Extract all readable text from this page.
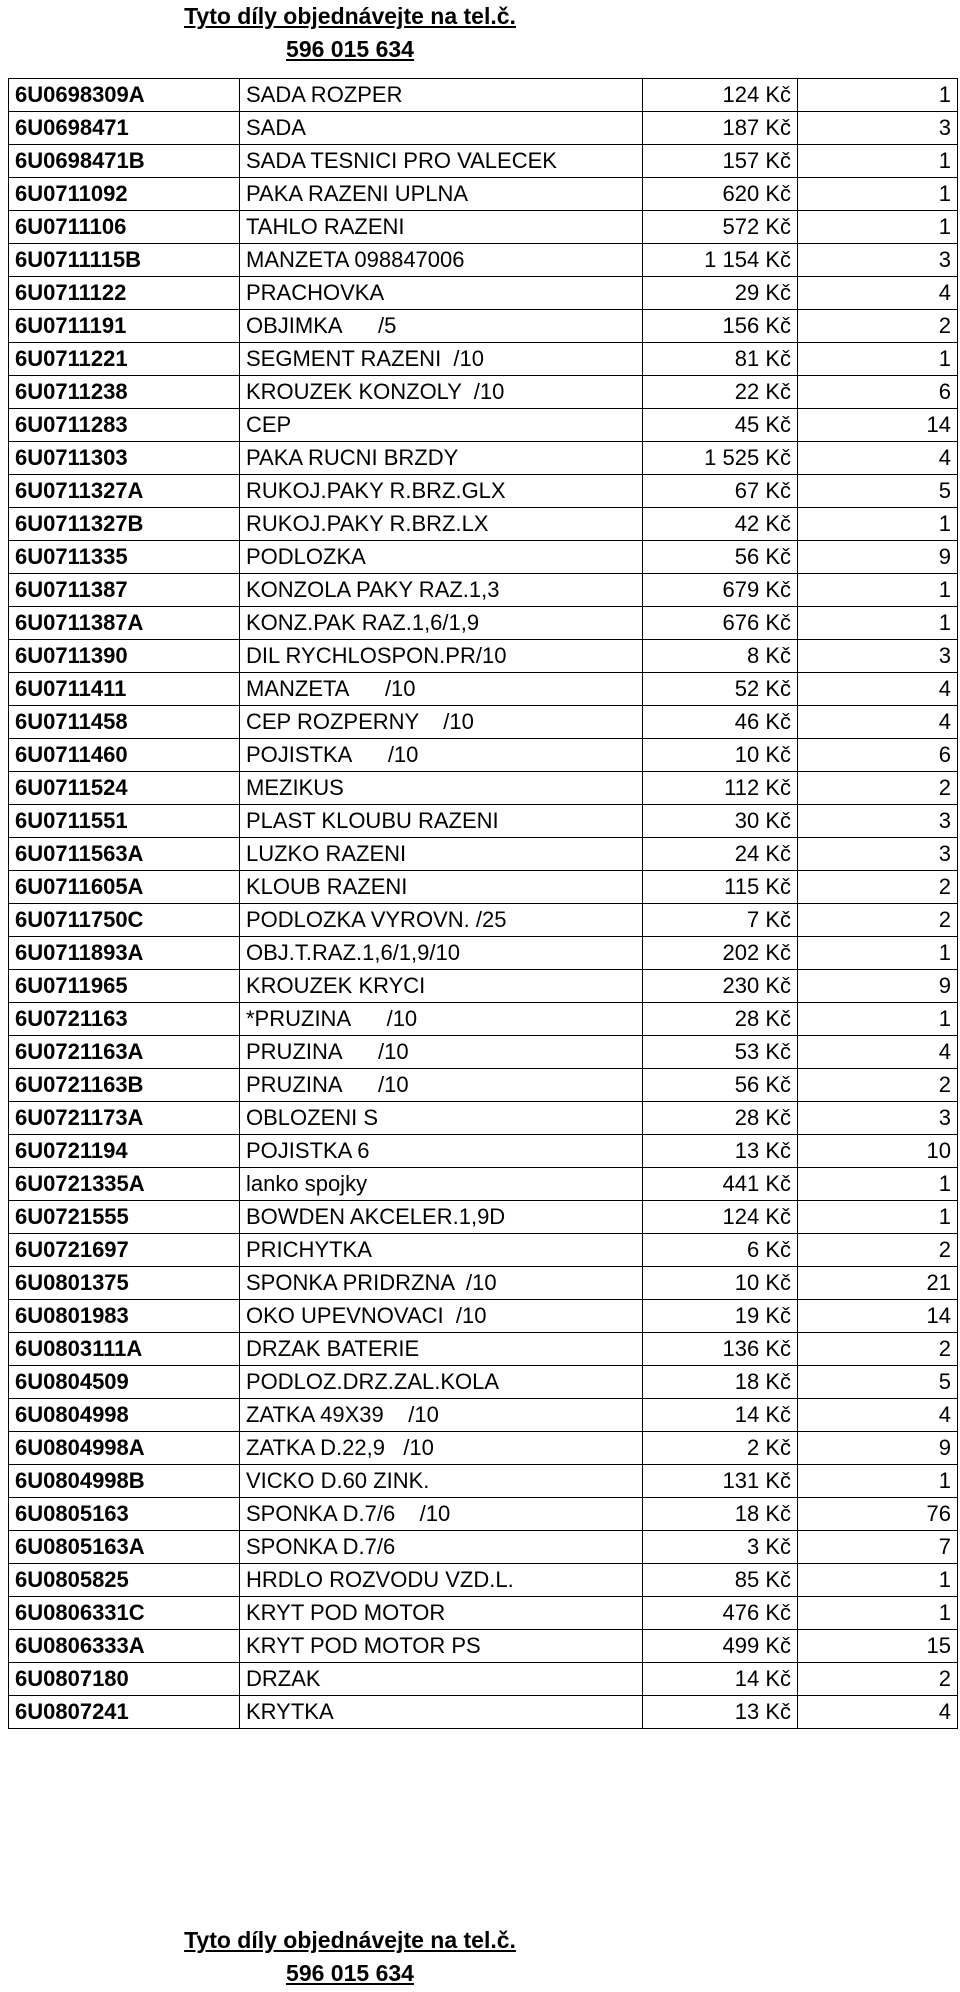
Tyto díly objednávejte na tel.č.
596 015 634
6U0698309A	SADA ROZPER	124 Kč	1
6U0698471	SADA	187 Kč	3
6U0698471B	SADA TESNICI PRO VALECEK	157 Kč	1
6U0711092	PAKA RAZENI UPLNA	620 Kč	1
6U0711106	TAHLO RAZENI	572 Kč	1
6U0711115B	MANZETA 098847006	1 154 Kč	3
6U0711122	PRACHOVKA	29 Kč	4
6U0711191	OBJIMKA      /5	156 Kč	2
6U0711221	SEGMENT RAZENI  /10	81 Kč	1
6U0711238	KROUZEK KONZOLY  /10	22 Kč	6
6U0711283	CEP	45 Kč	14
6U0711303	PAKA RUCNI BRZDY	1 525 Kč	4
6U0711327A	RUKOJ.PAKY R.BRZ.GLX	67 Kč	5
6U0711327B	RUKOJ.PAKY R.BRZ.LX	42 Kč	1
6U0711335	PODLOZKA	56 Kč	9
6U0711387	KONZOLA PAKY RAZ.1,3	679 Kč	1
6U0711387A	KONZ.PAK RAZ.1,6/1,9	676 Kč	1
6U0711390	DIL RYCHLOSPON.PR/10	8 Kč	3
6U0711411	MANZETA      /10	52 Kč	4
6U0711458	CEP ROZPERNY    /10	46 Kč	4
6U0711460	POJISTKA      /10	10 Kč	6
6U0711524	MEZIKUS	112 Kč	2
6U0711551	PLAST KLOUBU RAZENI	30 Kč	3
6U0711563A	LUZKO RAZENI	24 Kč	3
6U0711605A	KLOUB RAZENI	115 Kč	2
6U0711750C	PODLOZKA VYROVN. /25	7 Kč	2
6U0711893A	OBJ.T.RAZ.1,6/1,9/10	202 Kč	1
6U0711965	KROUZEK KRYCI	230 Kč	9
6U0721163	*PRUZINA      /10	28 Kč	1
6U0721163A	PRUZINA      /10	53 Kč	4
6U0721163B	PRUZINA      /10	56 Kč	2
6U0721173A	OBLOZENI S	28 Kč	3
6U0721194	POJISTKA 6	13 Kč	10
6U0721335A	lanko spojky	441 Kč	1
6U0721555	BOWDEN AKCELER.1,9D	124 Kč	1
6U0721697	PRICHYTKA	6 Kč	2
6U0801375	SPONKA PRIDRZNA  /10	10 Kč	21
6U0801983	OKO UPEVNOVACI  /10	19 Kč	14
6U0803111A	DRZAK BATERIE	136 Kč	2
6U0804509	PODLOZ.DRZ.ZAL.KOLA	18 Kč	5
6U0804998	ZATKA 49X39    /10	14 Kč	4
6U0804998A	ZATKA D.22,9   /10	2 Kč	9
6U0804998B	VICKO D.60 ZINK.	131 Kč	1
6U0805163	SPONKA D.7/6    /10	18 Kč	76
6U0805163A	SPONKA D.7/6	3 Kč	7
6U0805825	HRDLO ROZVODU VZD.L.	85 Kč	1
6U0806331C	KRYT POD MOTOR	476 Kč	1
6U0806333A	KRYT POD MOTOR PS	499 Kč	15
6U0807180	DRZAK	14 Kč	2
6U0807241	KRYTKA	13 Kč	4
Tyto díly objednávejte na tel.č.
596 015 634
